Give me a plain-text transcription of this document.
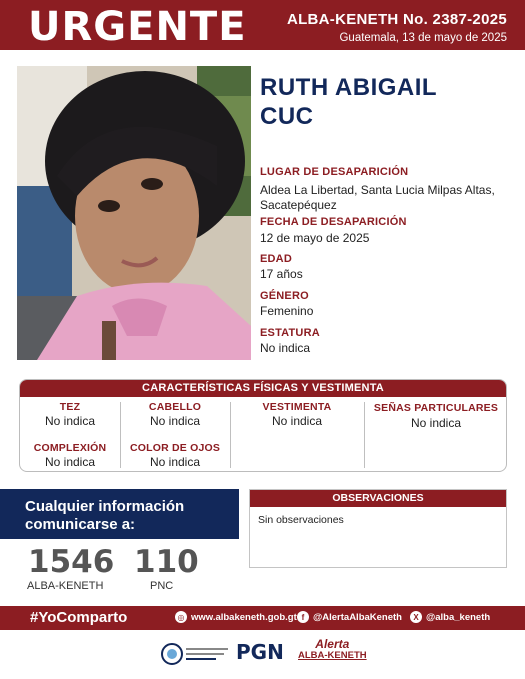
URGENTE	ALBA-KENETH No. 2387-2025
Guatemala, 13 de mayo de 2025
RUTH ABIGAIL
CUC
LUGAR DE DESAPARICIÓN
Aldea La Libertad, Santa Lucia Milpas Altas,
Sacatepéquez
FECHA DE DESAPARICIÓN
12 de mayo de 2025
EDAD
17 años
GÉNERO
Femenino
ESTATURA
No indica
CARACTERÍSTICAS FÍSICAS Y VESTIMENTA
TEZ
No indica
CABELLO
No indica
VESTIMENTA
No indica
SEÑAS PARTICULARES
No indica
COMPLEXIÓN
No indica
COLOR DE OJOS
No indica
Cualquier información
comunicarse a:
1546
ALBA-KENETH
110
PNC
OBSERVACIONES
Sin observaciones
#YoComparto	◎ www.albakeneth.gob.gt f @AlertaAlbaKeneth	X @alba_keneth
PGN	Alerta
ALBA-KENETH
